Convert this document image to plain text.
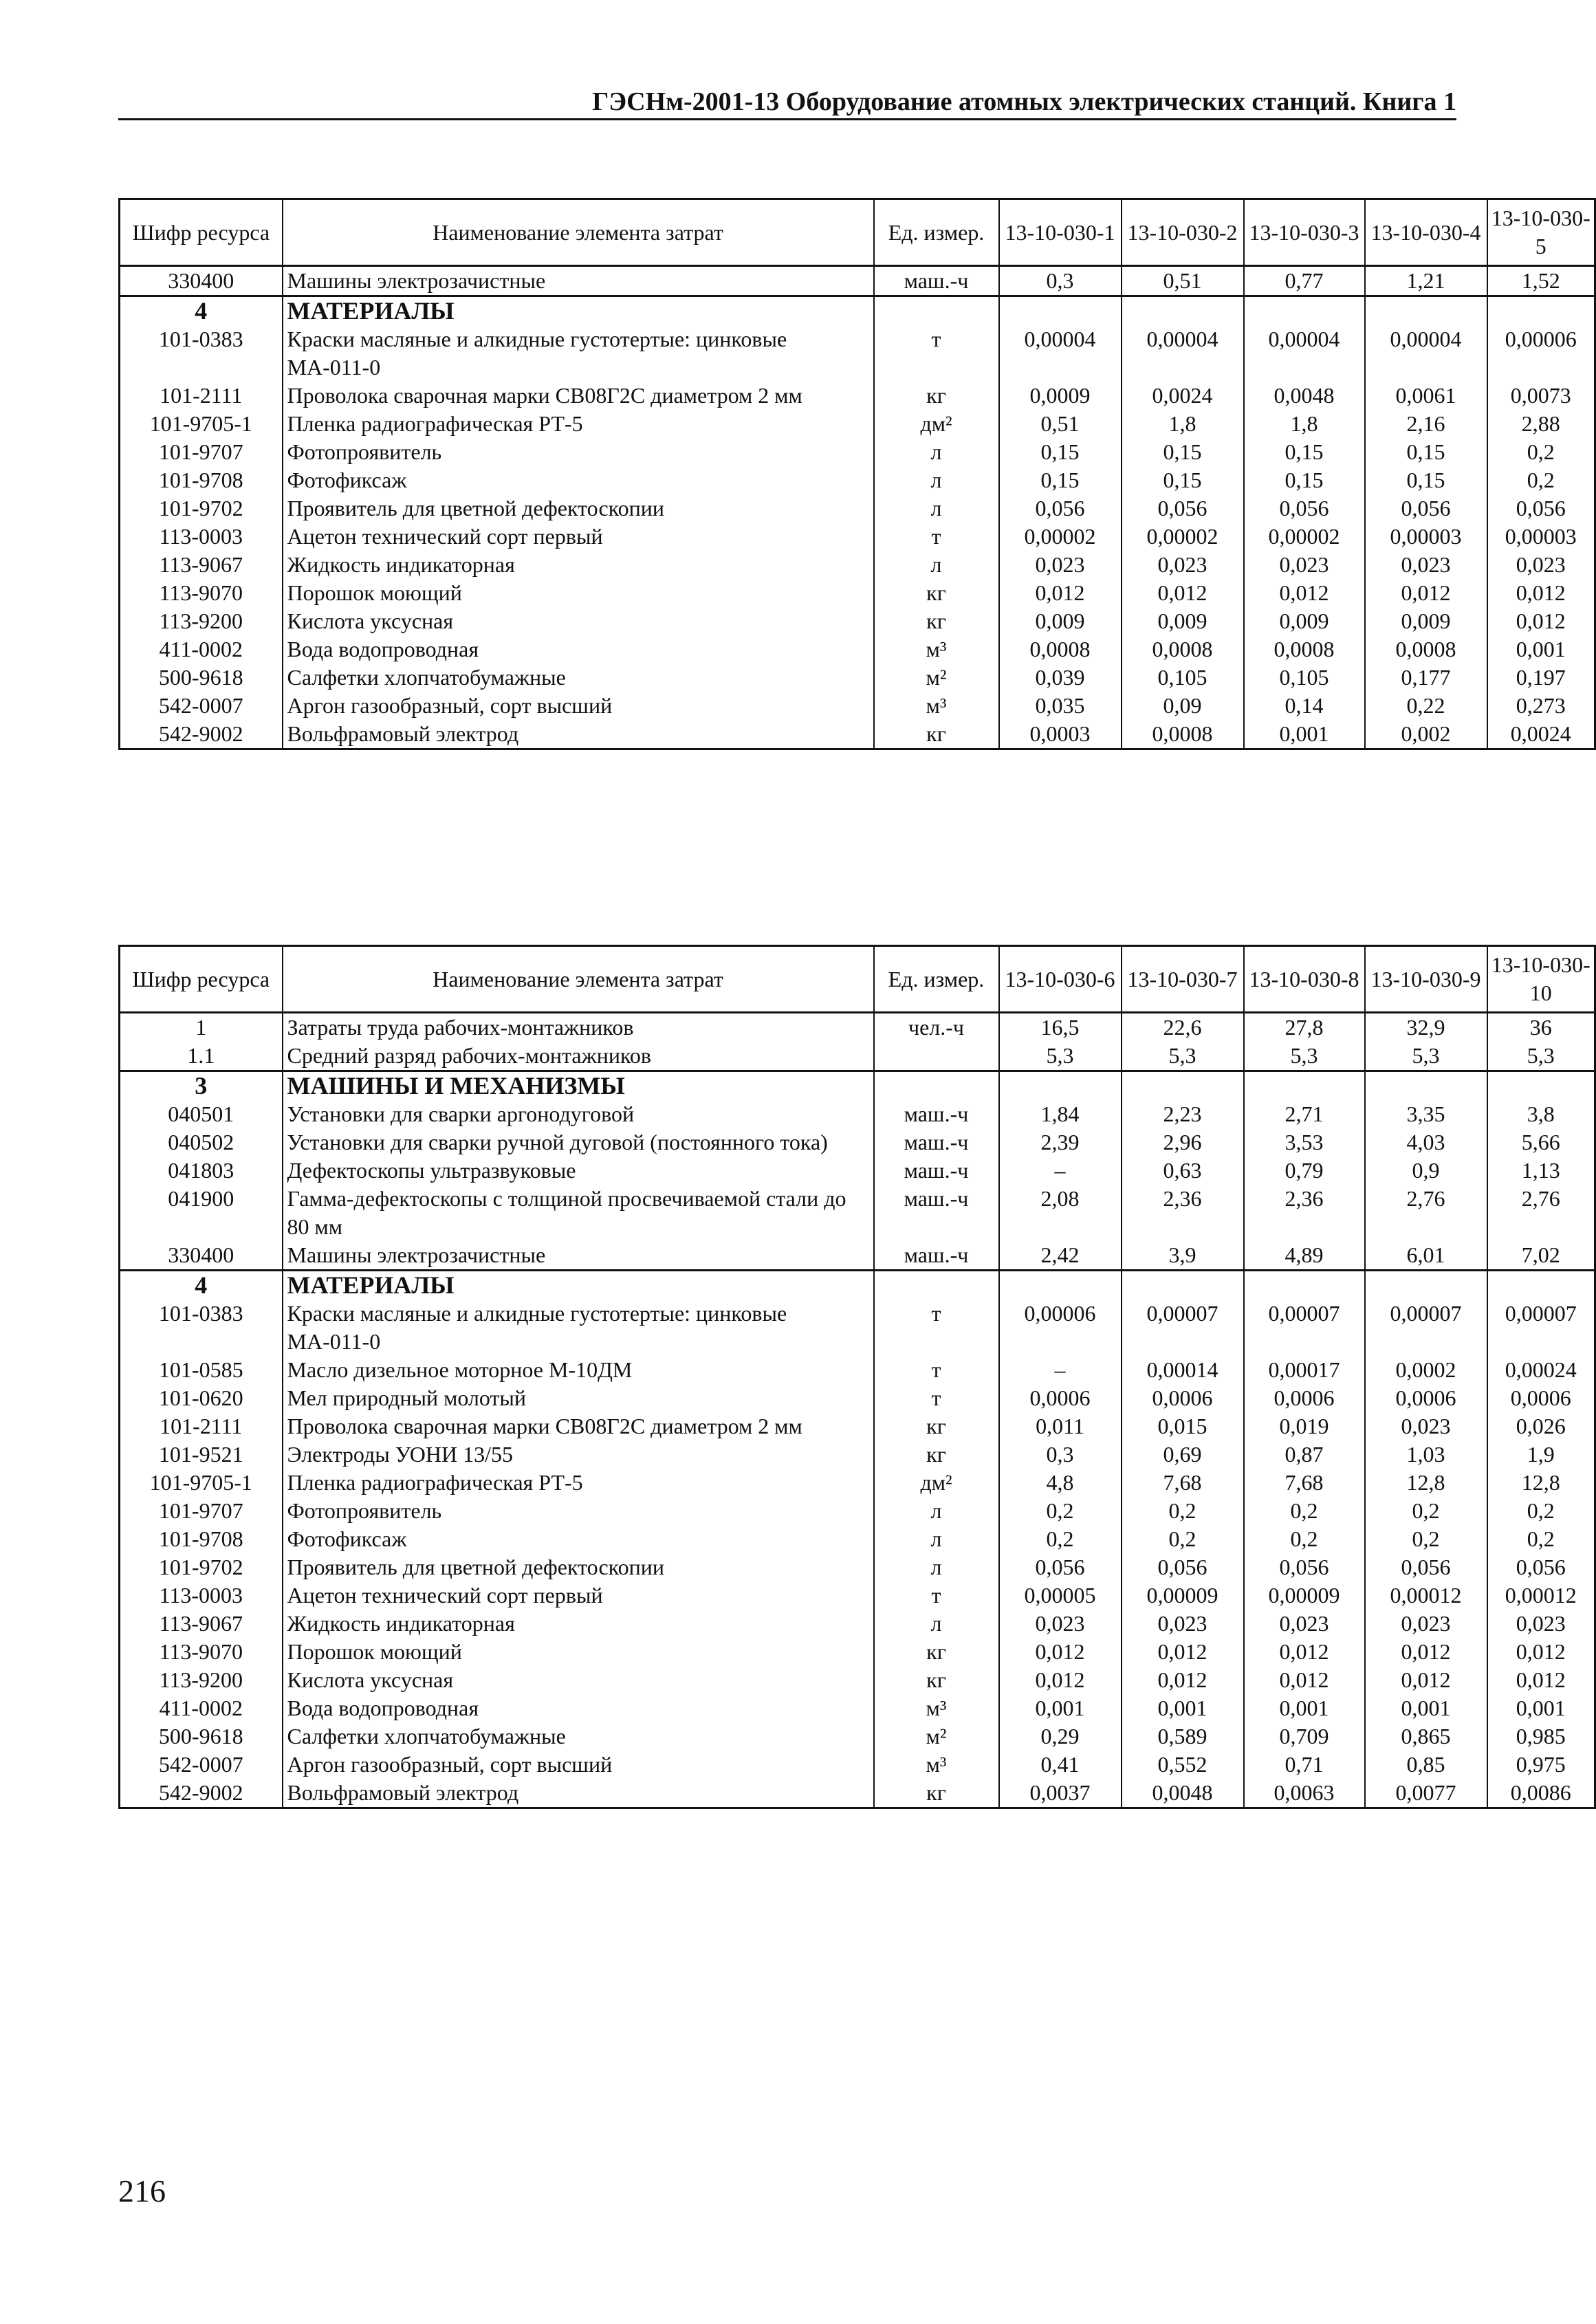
ГЭСНм-2001-13 Оборудование атомных электрических станций. Книга 1
Шифр ресурса	Наименование элемента затрат	Ед. измер.	13-10-030-1	13-10-030-2	13-10-030-3	13-10-030-4	13-10-030-5
330400	Машины электрозачистные	маш.-ч	0,3	0,51	0,77	1,21	1,52
4	МАТЕРИАЛЫ						
101-0383	Краски масляные и алкидные густотертые: цинковые МА-011-0	т	0,00004	0,00004	0,00004	0,00004	0,00006
101-2111	Проволока сварочная марки СВ08Г2С диаметром 2 мм	кг	0,0009	0,0024	0,0048	0,0061	0,0073
101-9705-1	Пленка радиографическая РТ-5	дм²	0,51	1,8	1,8	2,16	2,88
101-9707	Фотопроявитель	л	0,15	0,15	0,15	0,15	0,2
101-9708	Фотофиксаж	л	0,15	0,15	0,15	0,15	0,2
101-9702	Проявитель для цветной дефектоскопии	л	0,056	0,056	0,056	0,056	0,056
113-0003	Ацетон технический сорт первый	т	0,00002	0,00002	0,00002	0,00003	0,00003
113-9067	Жидкость индикаторная	л	0,023	0,023	0,023	0,023	0,023
113-9070	Порошок моющий	кг	0,012	0,012	0,012	0,012	0,012
113-9200	Кислота уксусная	кг	0,009	0,009	0,009	0,009	0,012
411-0002	Вода водопроводная	м³	0,0008	0,0008	0,0008	0,0008	0,001
500-9618	Салфетки хлопчатобумажные	м²	0,039	0,105	0,105	0,177	0,197
542-0007	Аргон газообразный, сорт высший	м³	0,035	0,09	0,14	0,22	0,273
542-9002	Вольфрамовый электрод	кг	0,0003	0,0008	0,001	0,002	0,0024
Шифр ресурса	Наименование элемента затрат	Ед. измер.	13-10-030-6	13-10-030-7	13-10-030-8	13-10-030-9	13-10-030-10
1	Затраты труда рабочих-монтажников	чел.-ч	16,5	22,6	27,8	32,9	36
1.1	Средний разряд рабочих-монтажников		5,3	5,3	5,3	5,3	5,3
3	МАШИНЫ И МЕХАНИЗМЫ						
040501	Установки для сварки аргонодуговой	маш.-ч	1,84	2,23	2,71	3,35	3,8
040502	Установки для сварки ручной дуговой (постоянного тока)	маш.-ч	2,39	2,96	3,53	4,03	5,66
041803	Дефектоскопы ультразвуковые	маш.-ч	–	0,63	0,79	0,9	1,13
041900	Гамма-дефектоскопы с толщиной просвечиваемой стали до 80 мм	маш.-ч	2,08	2,36	2,36	2,76	2,76
330400	Машины электрозачистные	маш.-ч	2,42	3,9	4,89	6,01	7,02
4	МАТЕРИАЛЫ						
101-0383	Краски масляные и алкидные густотертые: цинковые МА-011-0	т	0,00006	0,00007	0,00007	0,00007	0,00007
101-0585	Масло дизельное моторное М-10ДМ	т	–	0,00014	0,00017	0,0002	0,00024
101-0620	Мел природный молотый	т	0,0006	0,0006	0,0006	0,0006	0,0006
101-2111	Проволока сварочная марки СВ08Г2С диаметром 2 мм	кг	0,011	0,015	0,019	0,023	0,026
101-9521	Электроды УОНИ 13/55	кг	0,3	0,69	0,87	1,03	1,9
101-9705-1	Пленка радиографическая РТ-5	дм²	4,8	7,68	7,68	12,8	12,8
101-9707	Фотопроявитель	л	0,2	0,2	0,2	0,2	0,2
101-9708	Фотофиксаж	л	0,2	0,2	0,2	0,2	0,2
101-9702	Проявитель для цветной дефектоскопии	л	0,056	0,056	0,056	0,056	0,056
113-0003	Ацетон технический сорт первый	т	0,00005	0,00009	0,00009	0,00012	0,00012
113-9067	Жидкость индикаторная	л	0,023	0,023	0,023	0,023	0,023
113-9070	Порошок моющий	кг	0,012	0,012	0,012	0,012	0,012
113-9200	Кислота уксусная	кг	0,012	0,012	0,012	0,012	0,012
411-0002	Вода водопроводная	м³	0,001	0,001	0,001	0,001	0,001
500-9618	Салфетки хлопчатобумажные	м²	0,29	0,589	0,709	0,865	0,985
542-0007	Аргон газообразный, сорт высший	м³	0,41	0,552	0,71	0,85	0,975
542-9002	Вольфрамовый электрод	кг	0,0037	0,0048	0,0063	0,0077	0,0086
216
